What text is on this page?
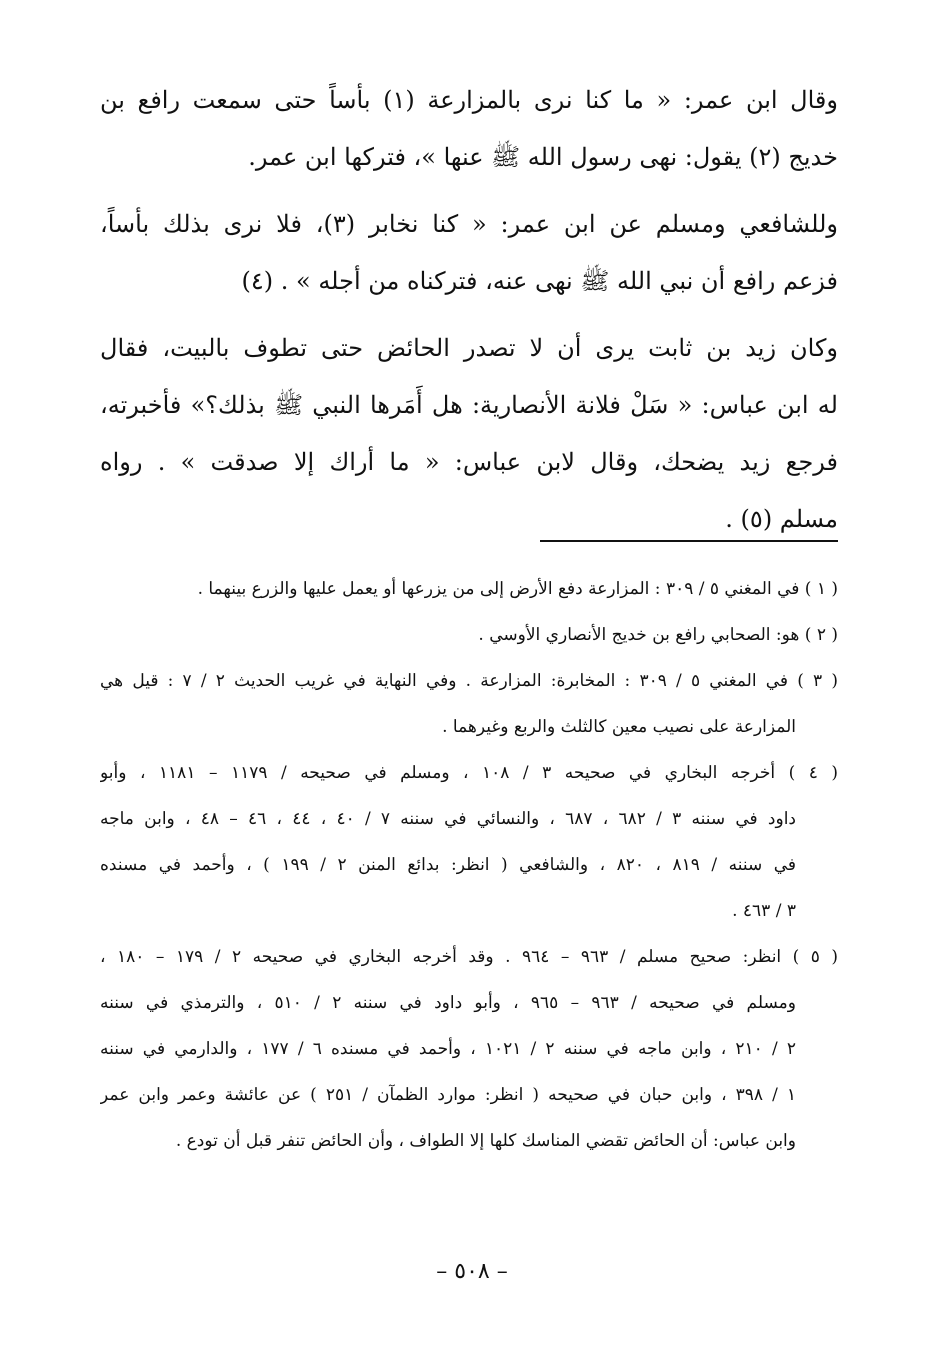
وقال ابن عمر: « ما كنا نرى بالمزارعة (١) بأساً حتى سمعت رافع بن
خديج (٢) يقول: نهى رسول الله ﷺ عنها »، فتركها ابن عمر.
وللشافعي ومسلم عن ابن عمر: « كنا نخابر (٣)، فلا نرى بذلك بأساً،
فزعم رافع أن نبي الله ﷺ نهى عنه، فتركناه من أجله » . (٤)
وكان زيد بن ثابت يرى أن لا تصدر الحائض حتى تطوف بالبيت، فقال
له ابن عباس: « سَلْ فلانة الأنصارية: هل أَمَرها النبي ﷺ بذلك؟» فأخبرته،
فرجع زيد يضحك، وقال لابن عباس: « ما أراك إلا صدقت » . رواه
مسلم (٥) .
( ١ ) في المغني ٥ / ٣٠٩ : المزارعة دفع الأرض إلى من يزرعها أو يعمل عليها والزرع بينهما .
( ٢ ) هو: الصحابي رافع بن خديج الأنصاري الأوسي .
( ٣ ) في المغني ٥ / ٣٠٩ : المخابرة: المزارعة . وفي النهاية في غريب الحديث ٢ / ٧ : قيل هي
المزارعة على نصيب معين كالثلث والربع وغيرهما .
( ٤ ) أخرجه البخاري في صحيحه ٣ / ١٠٨ ، ومسلم في صحيحه / ١١٧٩ – ١١٨١ ، وأبو
داود في سننه ٣ / ٦٨٢ ، ٦٨٧ ، والنسائي في سننه ٧ / ٤٠ ، ٤٤ ، ٤٦ – ٤٨ ، وابن ماجه
في سننه / ٨١٩ ، ٨٢٠ ، والشافعي ( انظر: بدائع المنن ٢ / ١٩٩ ) ، وأحمد في مسنده
٣ / ٤٦٣ .
( ٥ ) انظر: صحيح مسلم / ٩٦٣ – ٩٦٤ . وقد أخرجه البخاري في صحيحه ٢ / ١٧٩ – ١٨٠ ،
ومسلم في صحيحه / ٩٦٣ – ٩٦٥ ، وأبو داود في سننه ٢ / ٥١٠ ، والترمذي في سننه
٢ / ٢١٠ ، وابن ماجه في سننه ٢ / ١٠٢١ ، وأحمد في مسنده ٦ / ١٧٧ ، والدارمي في سننه
١ / ٣٩٨ ، وابن حبان في صحيحه ( انظر: موارد الظمآن / ٢٥١ ) عن عائشة وعمر وابن عمر
وابن عباس: أن الحائض تقضي المناسك كلها إلا الطواف ، وأن الحائض تنفر قبل أن تودع .
– ٥٠٨ –
